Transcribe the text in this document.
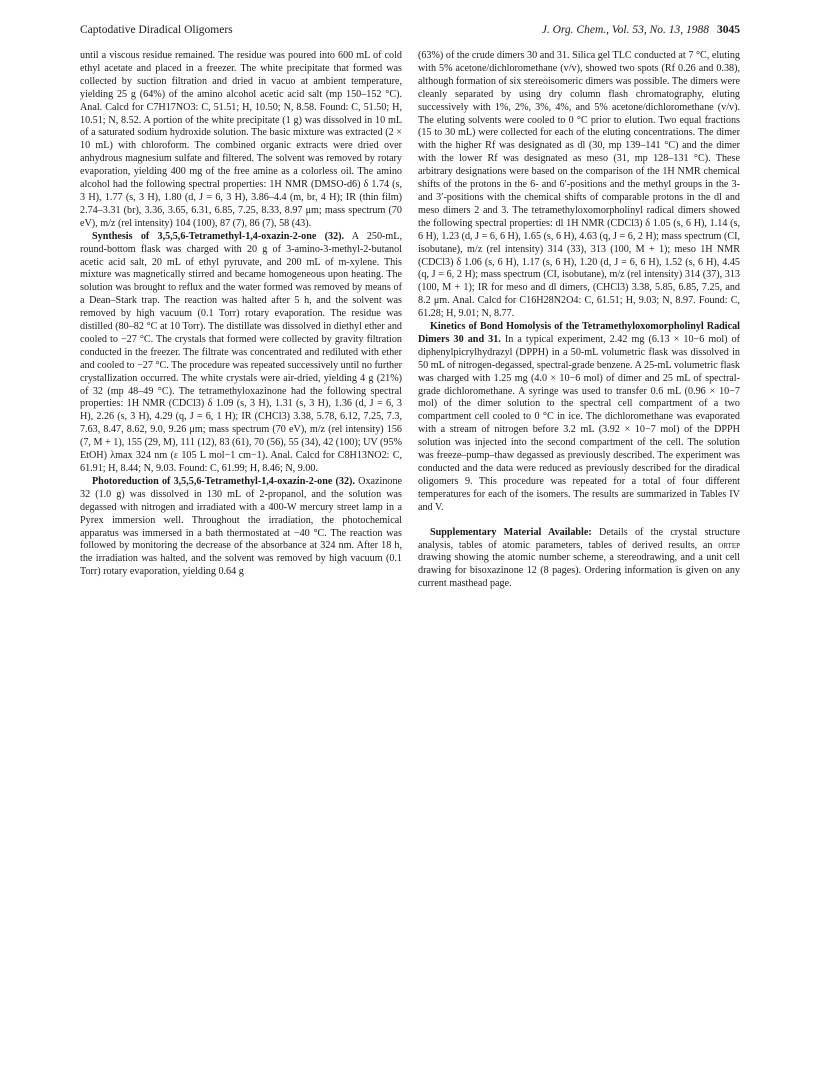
Captodative Diradical Oligomers	J. Org. Chem., Vol. 53, No. 13, 1988 3045

until a viscous residue remained. The residue was poured into 600 mL of cold ethyl acetate and placed in a freezer. The white precipitate that formed was collected by suction filtration and dried in vacuo at ambient temperature, yielding 25 g (64%) of the amino alcohol acetic acid salt (mp 150–152 °C). Anal. Calcd for C7H17NO3: C, 51.51; H, 10.50; N, 8.58. Found: C, 51.50; H, 10.51; N, 8.52. A portion of the white precipitate (1 g) was dissolved in 10 mL of a saturated sodium hydroxide solution. The basic mixture was extracted (2 × 10 mL) with chloroform. The combined organic extracts were dried over anhydrous magnesium sulfate and filtered. The solvent was removed by rotary evaporation, yielding 400 mg of the free amine as a colorless oil. The amino alcohol had the following spectral properties: 1H NMR (DMSO-d6) δ 1.74 (s, 3 H), 1.77 (s, 3 H), 1.80 (d, J = 6, 3 H), 3.86–4.4 (m, br, 4 H); IR (thin film) 2.74–3.31 (br), 3.36, 3.65, 6.31, 6.85, 7.25, 8.33, 8.97 μm; mass spectrum (70 eV), m/z (rel intensity) 104 (100), 87 (7), 86 (7), 58 (43).

Synthesis of 3,5,5,6-Tetramethyl-1,4-oxazin-2-one (32). A 250-mL, round-bottom flask was charged with 20 g of 3-amino-3-methyl-2-butanol acetic acid salt, 20 mL of ethyl pyruvate, and 200 mL of m-xylene. This mixture was magnetically stirred and became homogeneous upon heating. The solution was brought to reflux and the water formed was removed by means of a Dean–Stark trap. The reaction was halted after 5 h, and the solvent was removed by high vacuum (0.1 Torr) rotary evaporation. The residue was distilled (80–82 °C at 10 Torr). The distillate was dissolved in diethyl ether and cooled to −27 °C. The crystals that formed were collected by gravity filtration conducted in the freezer. The filtrate was concentrated and rediluted with ether and cooled to −27 °C. The procedure was repeated successively until no further crystallization occurred. The white crystals were air-dried, yielding 4 g (21%) of 32 (mp 48–49 °C). The tetramethyloxazinone had the following spectral properties: 1H NMR (CDCl3) δ 1.09 (s, 3 H), 1.31 (s, 3 H), 1.36 (d, J = 6, 3 H), 2.26 (s, 3 H), 4.29 (q, J = 6, 1 H); IR (CHCl3) 3.38, 5.78, 6.12, 7.25, 7.3, 7.63, 8.47, 8.62, 9.0, 9.26 μm; mass spectrum (70 eV), m/z (rel intensity) 156 (7, M + 1), 155 (29, M), 111 (12), 83 (61), 70 (56), 55 (34), 42 (100); UV (95% EtOH) λmax 324 nm (ε 105 L mol−1 cm−1). Anal. Calcd for C8H13NO2: C, 61.91; H, 8.44; N, 9.03. Found: C, 61.99; H, 8.46; N, 9.00.

Photoreduction of 3,5,5,6-Tetramethyl-1,4-oxazin-2-one (32). Oxazinone 32 (1.0 g) was dissolved in 130 mL of 2-propanol, and the solution was degassed with nitrogen and irradiated with a 400-W mercury street lamp in a Pyrex immersion well. Throughout the irradiation, the photochemical apparatus was immersed in a bath thermostated at −40 °C. The reaction was followed by monitoring the decrease of the absorbance at 324 nm. After 18 h, the irradiation was halted, and the solvent was removed by high vacuum (0.1 Torr) rotary evaporation, yielding 0.64 g

(63%) of the crude dimers 30 and 31. Silica gel TLC conducted at 7 °C, eluting with 5% acetone/dichloromethane (v/v), showed two spots (Rf 0.26 and 0.38), although formation of six stereoisomeric dimers was possible. The dimers were cleanly separated by using dry column flash chromatography, eluting successively with 1%, 2%, 3%, 4%, and 5% acetone/dichloromethane (v/v). The eluting solvents were cooled to 0 °C prior to elution. Two equal fractions (15 to 30 mL) were collected for each of the eluting concentrations. The dimer with the higher Rf was designated as dl (30, mp 139–141 °C) and the dimer with the lower Rf was designated as meso (31, mp 128–131 °C). These arbitrary designations were based on the comparison of the 1H NMR chemical shifts of the protons in the 6- and 6′-positions and the methyl groups in the 3- and 3′-positions with the chemical shifts of comparable protons in the dl and meso dimers 2 and 3. The tetramethyloxomorpholinyl radical dimers showed the following spectral properties: dl 1H NMR (CDCl3) δ 1.05 (s, 6 H), 1.14 (s, 6 H), 1.23 (d, J = 6, 6 H), 1.65 (s, 6 H), 4.63 (q, J = 6, 2 H); mass spectrum (CI, isobutane), m/z (rel intensity) 314 (33), 313 (100, M + 1); meso 1H NMR (CDCl3) δ 1.06 (s, 6 H), 1.17 (s, 6 H), 1.20 (d, J = 6, 6 H), 1.52 (s, 6 H), 4.45 (q, J = 6, 2 H); mass spectrum (CI, isobutane), m/z (rel intensity) 314 (37), 313 (100, M + 1); IR for meso and dl dimers, (CHCl3) 3.38, 5.85, 6.85, 7.25, and 8.2 μm. Anal. Calcd for C16H28N2O4: C, 61.51; H, 9.03; N, 8.97. Found: C, 61.28; H, 9.01; N, 8.77.

Kinetics of Bond Homolysis of the Tetramethyloxomorpholinyl Radical Dimers 30 and 31. In a typical experiment, 2.42 mg (6.13 × 10−6 mol) of diphenylpicrylhydrazyl (DPPH) in a 50-mL volumetric flask was dissolved in 50 mL of nitrogen-degassed, spectral-grade benzene. A 25-mL volumetric flask was charged with 1.25 mg (4.0 × 10−6 mol) of dimer and 25 mL of spectral-grade dichloromethane. A syringe was used to transfer 0.6 mL (0.96 × 10−7 mol) of the dimer solution to the spectral cell compartment of a two compartment cell cooled to 0 °C in ice. The dichloromethane was evaporated with a stream of nitrogen before 3.2 mL (3.92 × 10−7 mol) of the DPPH solution was injected into the second compartment of the cell. The solution was freeze–pump–thaw degassed as previously described. The experiment was conducted and the data were reduced as previously described for the diradical oligomers 9. This procedure was repeated for a total of four different temperatures for each of the isomers. The results are summarized in Tables IV and V.

Supplementary Material Available: Details of the crystal structure analysis, tables of atomic parameters, tables of derived results, an ortep drawing showing the atomic number scheme, a stereodrawing, and a unit cell drawing for bisoxazinone 12 (8 pages). Ordering information is given on any current masthead page.
